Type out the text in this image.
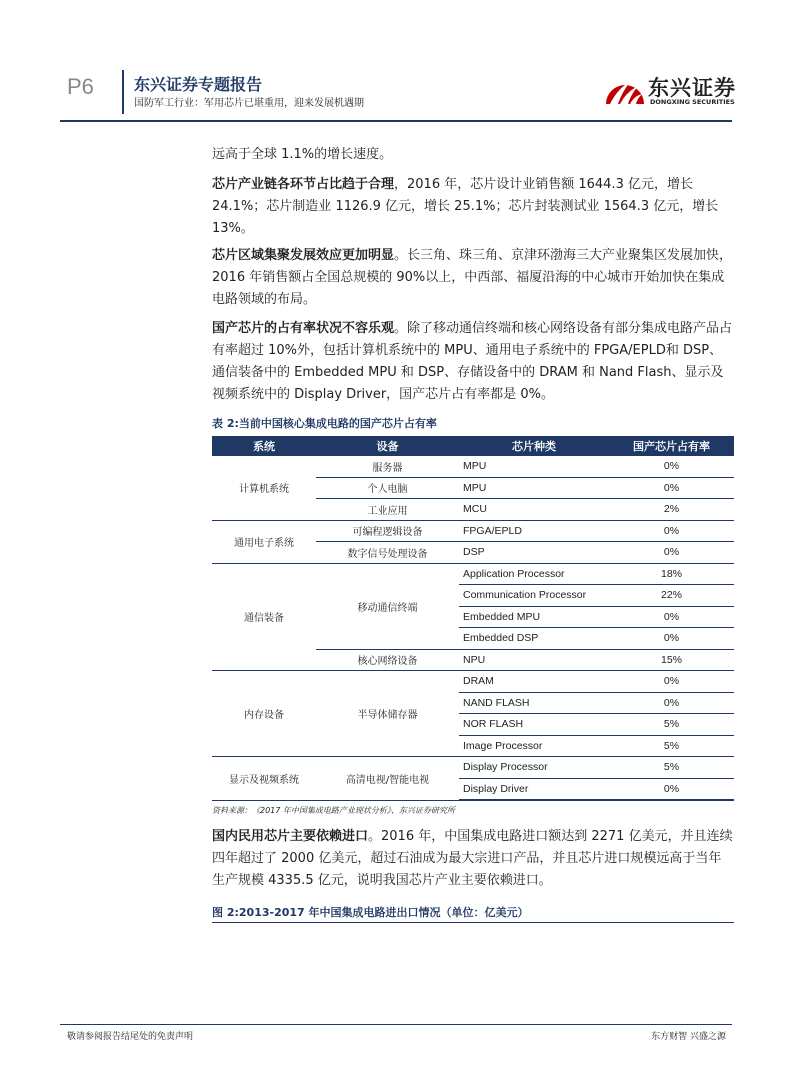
P6	东兴证券专题报告
国防军工行业：军用芯片已堪重用，迎来发展机遇期
东兴证券
DONGXING SECURITIES
远高于全球 1.1%的增长速度。
芯片产业链各环节占比趋于合理，2016 年，芯片设计业销售额 1644.3 亿元，增长24.1%；芯片制造业 1126.9 亿元，增长 25.1%；芯片封装测试业 1564.3 亿元，增长13%。
芯片区域集聚发展效应更加明显。长三角、珠三角、京津环渤海三大产业聚集区发展加快，2016 年销售额占全国总规模的 90%以上，中西部、福厦沿海的中心城市开始加快在集成电路领域的布局。
国产芯片的占有率状况不容乐观。除了移动通信终端和核心网络设备有部分集成电路产品占有率超过 10%外，包括计算机系统中的 MPU、通用电子系统中的 FPGA/EPLD和 DSP、通信装备中的 Embedded MPU 和 DSP、存储设备中的 DRAM 和 Nand Flash、显示及视频系统中的 Display Driver，国产芯片占有率都是 0%。
表 2:当前中国核心集成电路的国产芯片占有率
系统	设备	芯片种类	国产芯片占有率
计算机系统	服务器	MPU	0%
	个人电脑	MPU	0%
	工业应用	MCU	2%
通用电子系统	可编程逻辑设备	FPGA/EPLD	0%
	数字信号处理设备	DSP	0%
通信装备	移动通信终端	Application Processor	18%
		Communication Processor	22%
		Embedded MPU	0%
		Embedded DSP	0%
	核心网络设备	NPU	15%
内存设备	半导体储存器	DRAM	0%
		NAND FLASH	0%
		NOR FLASH	5%
		Image Processor	5%
显示及视频系统	高清电视/智能电视	Display Processor	5%
		Display Driver	0%
资料来源：《2017 年中国集成电路产业现状分析》、东兴证券研究所
国内民用芯片主要依赖进口。2016 年，中国集成电路进口额达到 2271 亿美元，并且连续四年超过了 2000 亿美元，超过石油成为最大宗进口产品，并且芯片进口规模远高于当年生产规模 4335.5 亿元，说明我国芯片产业主要依赖进口。
图 2:2013-2017 年中国集成电路进出口情况（单位：亿美元）
敬请参阅报告结尾处的免责声明	东方财智 兴盛之源
